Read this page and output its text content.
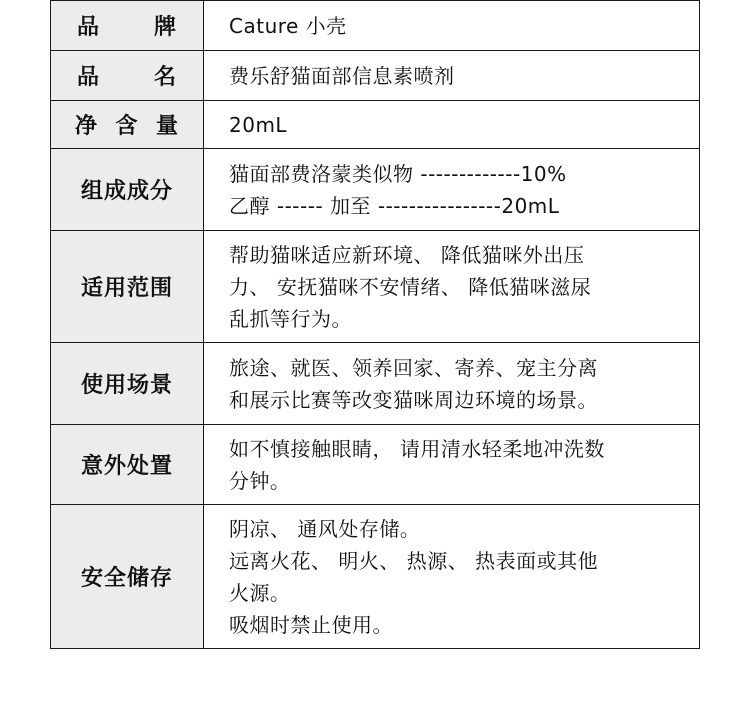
品 牌	Cature 小壳

品 名	费乐舒猫面部信息素喷剂

净 含 量	20mL

组成成分	猫面部费洛蒙类似物 -------------10%
乙醇 ------ 加至 ----------------20mL

适用范围	帮助猫咪适应新环境、 降低猫咪外出压
力、 安抚猫咪不安情绪、 降低猫咪滋尿
乱抓等行为。

使用场景	旅途、就医、领养回家、寄养、宠主分离
和展示比赛等改变猫咪周边环境的场景。

意外处置	如不慎接触眼睛， 请用清水轻柔地冲洗数
分钟。

安全储存	阴凉、 通风处存储。
远离火花、 明火、 热源、 热表面或其他
火源。
吸烟时禁止使用。
